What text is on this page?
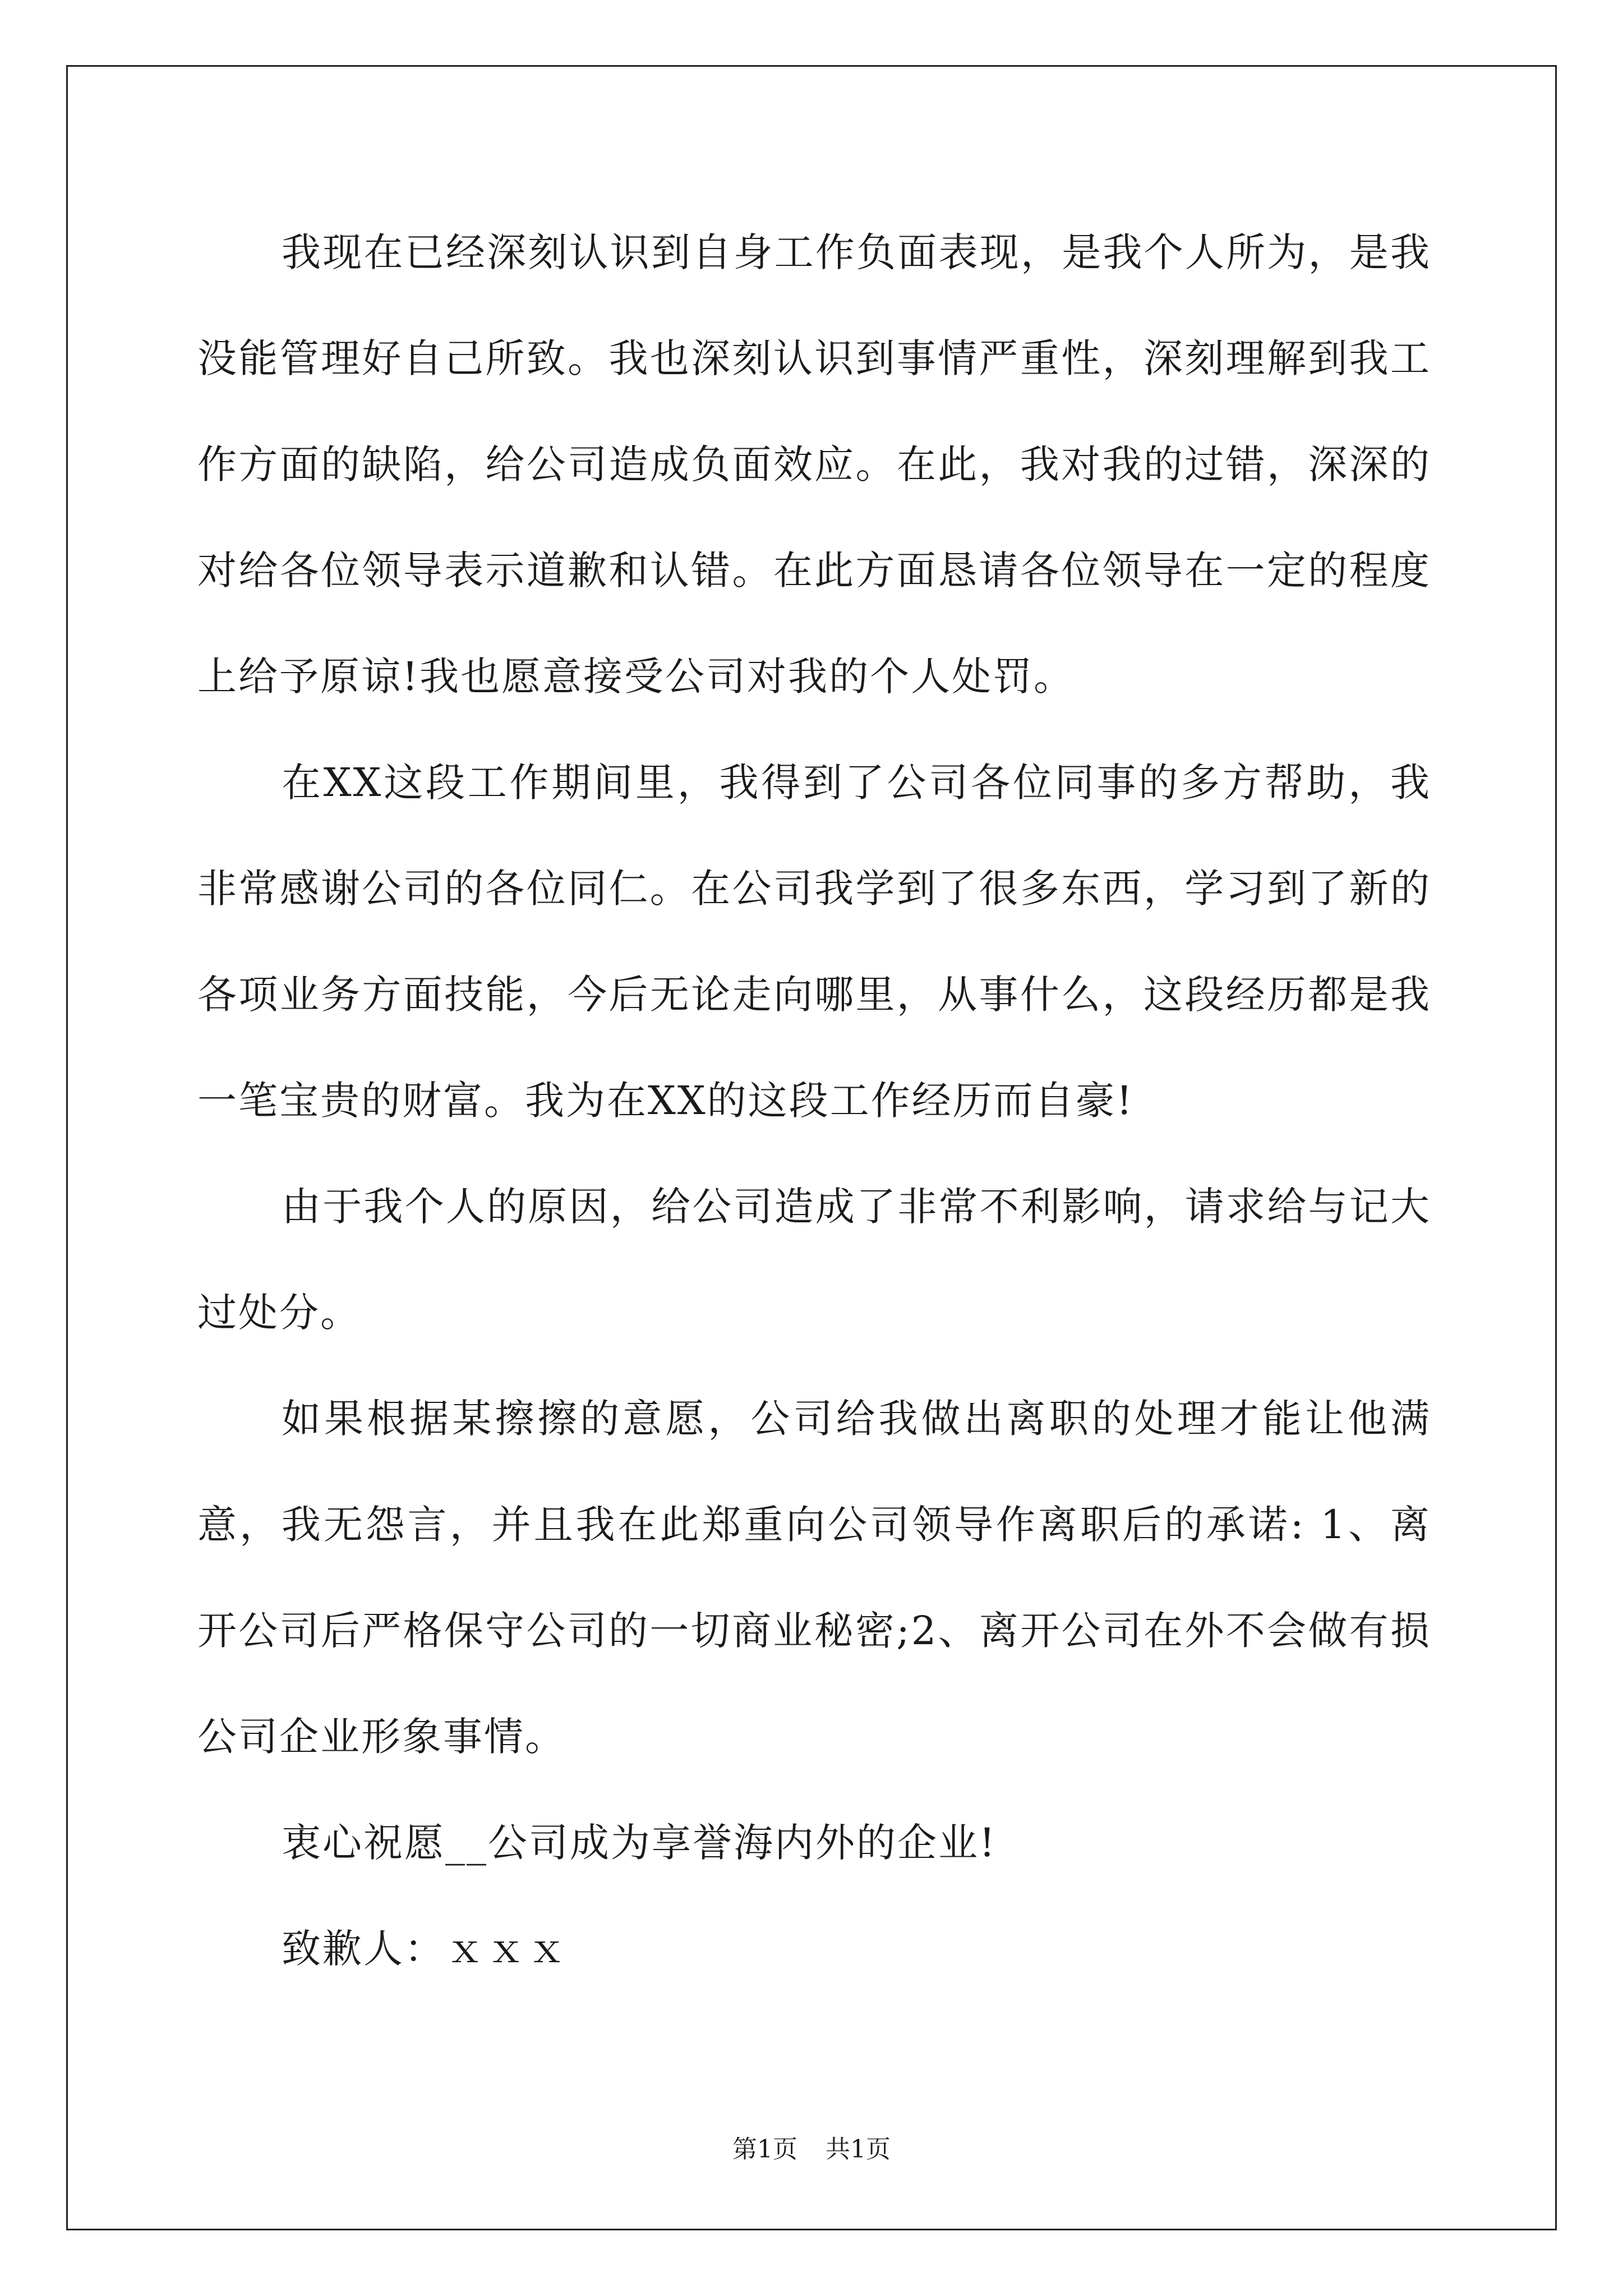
我现在已经深刻认识到自身工作负面表现，是我个人所为，是我没能管理好自己所致。我也深刻认识到事情严重性，深刻理解到我工作方面的缺陷，给公司造成负面效应。在此，我对我的过错，深深的对给各位领导表示道歉和认错。在此方面恳请各位领导在一定的程度上给予原谅!我也愿意接受公司对我的个人处罚。

在XX这段工作期间里，我得到了公司各位同事的多方帮助，我非常感谢公司的各位同仁。在公司我学到了很多东西，学习到了新的各项业务方面技能，今后无论走向哪里，从事什么，这段经历都是我一笔宝贵的财富。我为在XX的这段工作经历而自豪!

由于我个人的原因，给公司造成了非常不利影响，请求给与记大过处分。

如果根据某擦擦的意愿，公司给我做出离职的处理才能让他满意，我无怨言，并且我在此郑重向公司领导作离职后的承诺: 1、离开公司后严格保守公司的一切商业秘密;2、离开公司在外不会做有损公司企业形象事情。

衷心祝愿__公司成为享誉海内外的企业!

致歉人：ｘｘｘ

第1页 共1页
